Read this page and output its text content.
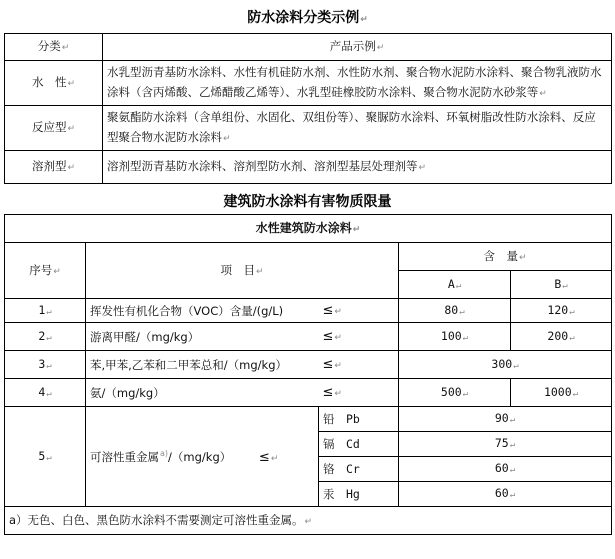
防水涂料分类示例↵
分类↵	产品示例↵
水　性↵	水乳型沥青基防水涂料、水性有机硅防水剂、水性防水剂、聚合物水泥防水涂料、聚合物乳液防水涂料（含丙烯酸、乙烯醋酸乙烯等）、水乳型硅橡胶防水涂料、聚合物水泥防水砂浆等↵
反应型↵	聚氨酯防水涂料（含单组份、水固化、双组份等）、聚脲防水涂料、环氧树脂改性防水涂料、反应型聚合物水泥防水涂料↵
溶剂型↵	溶剂型沥青基防水涂料、溶剂型防水剂、溶剂型基层处理剂等↵
建筑防水涂料有害物质限量
水性建筑防水涂料↵				
序号↵	项　目↵		含　量↵	
			A↵	B↵
1↵	挥发性有机化合物（VOC）含量/(g/L)	≤↵	80↵	120↵
2↵	游离甲醛/（mg/kg）	≤↵	100↵	200↵
3↵	苯,甲苯,乙苯和二甲苯总和/（mg/kg）	≤↵	300↵	
4↵	氨/（mg/kg）	≤↵	500↵	1000↵
5↵	可溶性重金属$^{a)}$/（mg/kg） ≤↵	铅　Pb	90↵	
		镉　Cd	75↵	
		铬　Cr	60↵	
		汞　Hg	60↵	
a）无色、白色、黑色防水涂料不需要测定可溶性重金属。↵				
